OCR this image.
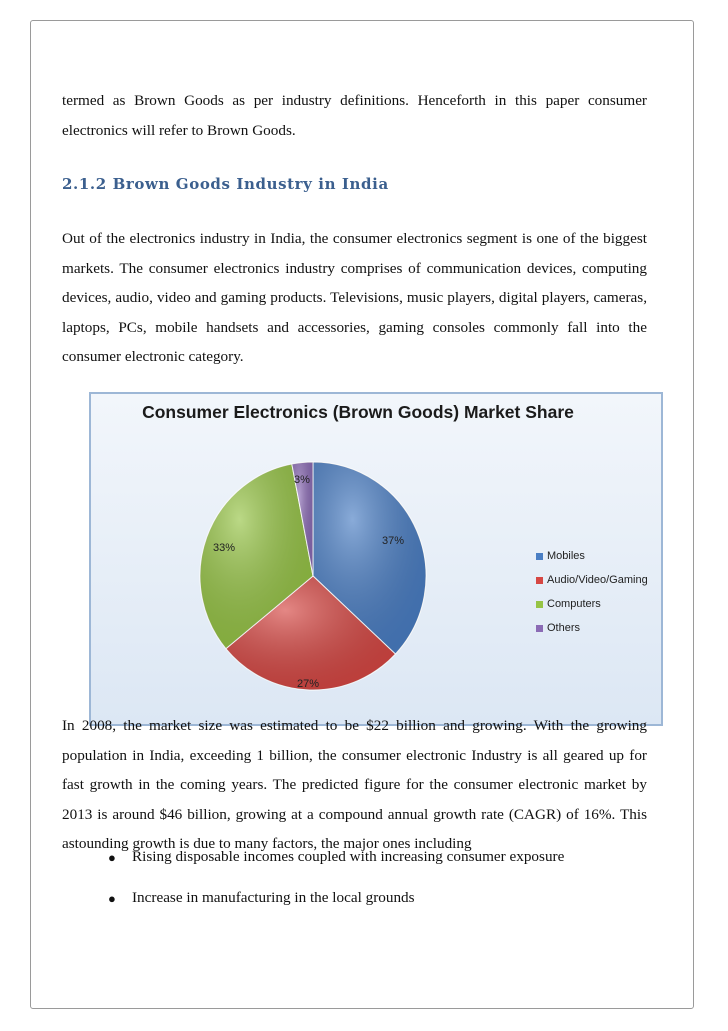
termed as Brown Goods as per industry definitions. Henceforth in this paper consumer electronics will refer to Brown Goods.

2.1.2 Brown Goods Industry in India

Out of the electronics industry in India, the consumer electronics segment is one of the biggest markets. The consumer electronics industry comprises of communication devices, computing devices, audio, video and gaming products. Televisions, music players, digital players, cameras, laptops, PCs, mobile handsets and accessories, gaming consoles commonly fall into the consumer electronic category.

Consumer Electronics (Brown Goods) Market Share

37%
27%
33%
3%
Mobiles
Audio/Video/Gaming
Computers
Others

In 2008, the market size was estimated to be $22 billion and growing. With the growing population in India, exceeding 1 billion, the consumer electronic Industry is all geared up for fast growth in the coming years. The predicted figure for the consumer electronic market by 2013 is around $46 billion, growing at a compound annual growth rate (CAGR) of 16%. This astounding growth is due to many factors, the major ones including

●	Rising disposable incomes coupled with increasing consumer exposure
●	Increase in manufacturing in the local grounds
